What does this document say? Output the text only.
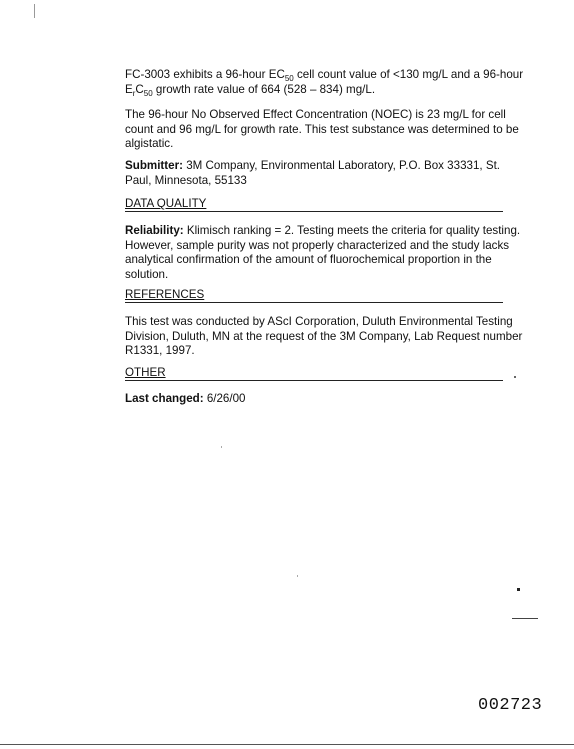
FC-3003 exhibits a 96-hour $EC_{50}$ cell count value of <130 mg/L and a 96-hour $E_rC_{50}$ growth rate value of 664 (528 – 834) mg/L.
The 96-hour No Observed Effect Concentration (NOEC) is 23 mg/L for cell count and 96 mg/L for growth rate. This test substance was determined to be algistatic.
Submitter: 3M Company, Environmental Laboratory, P.O. Box 33331, St. Paul, Minnesota, 55133
DATA QUALITY
Reliability: Klimisch ranking = 2. Testing meets the criteria for quality testing. However, sample purity was not properly characterized and the study lacks analytical confirmation of the amount of fluorochemical proportion in the solution.
REFERENCES
This test was conducted by AScI Corporation, Duluth Environmental Testing Division, Duluth, MN at the request of the 3M Company, Lab Request number R1331, 1997.
OTHER
Last changed: 6/26/00
002723
